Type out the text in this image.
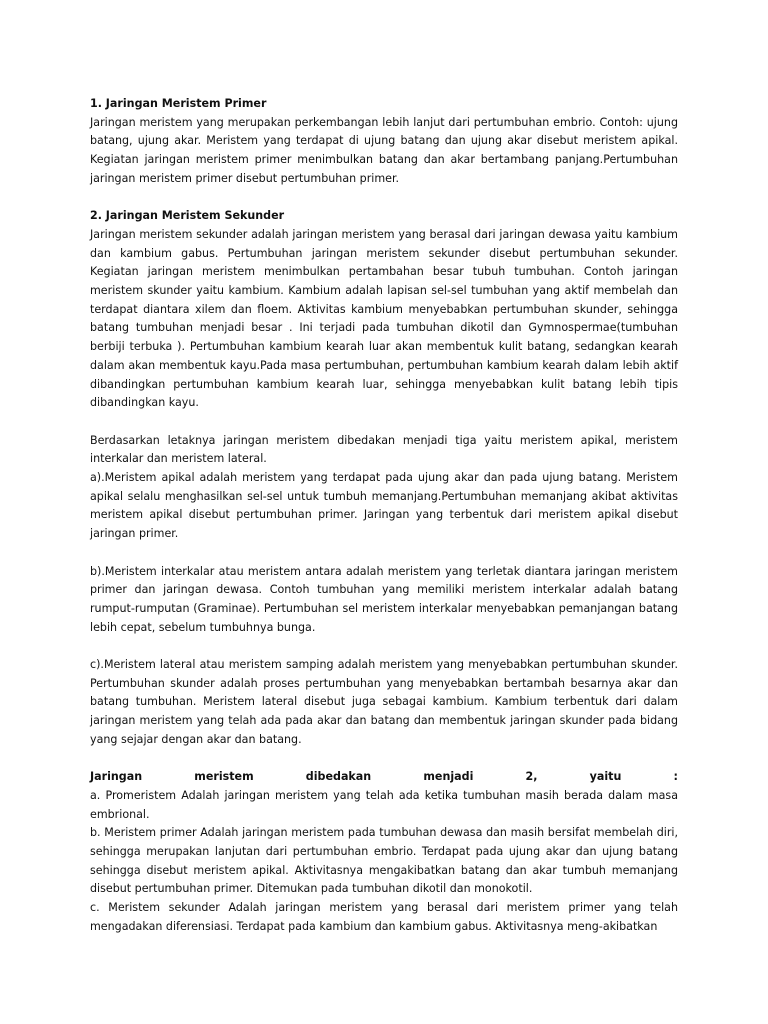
1. Jaringan Meristem Primer

Jaringan meristem yang merupakan perkembangan lebih lanjut dari pertumbuhan embrio. Contoh: ujung batang, ujung akar. Meristem yang terdapat di ujung batang dan ujung akar disebut meristem apikal. Kegiatan jaringan meristem primer menimbulkan batang dan akar bertambang panjang.Pertumbuhan jaringan meristem primer disebut pertumbuhan primer.

2. Jaringan Meristem Sekunder

Jaringan meristem sekunder adalah jaringan meristem yang berasal dari jaringan dewasa yaitu kambium dan kambium gabus. Pertumbuhan jaringan meristem sekunder disebut pertumbuhan sekunder. Kegiatan jaringan meristem menimbulkan pertambahan besar tubuh tumbuhan. Contoh jaringan meristem skunder yaitu kambium. Kambium adalah lapisan sel-sel tumbuhan yang aktif membelah dan terdapat diantara xilem dan floem. Aktivitas kambium menyebabkan pertumbuhan skunder, sehingga batang tumbuhan menjadi besar . Ini terjadi pada tumbuhan dikotil dan Gymnospermae(tumbuhan berbiji terbuka ). Pertumbuhan kambium kearah luar akan membentuk kulit batang, sedangkan kearah dalam akan membentuk kayu.Pada masa pertumbuhan, pertumbuhan kambium kearah dalam lebih aktif dibandingkan pertumbuhan kambium kearah luar, sehingga menyebabkan kulit batang lebih tipis dibandingkan kayu.

Berdasarkan letaknya jaringan meristem dibedakan menjadi tiga yaitu meristem apikal, meristem interkalar dan meristem lateral.

a).Meristem apikal adalah meristem yang terdapat pada ujung akar dan pada ujung batang. Meristem apikal selalu menghasilkan sel-sel untuk tumbuh memanjang.Pertumbuhan memanjang akibat aktivitas meristem apikal disebut pertumbuhan primer. Jaringan yang terbentuk dari meristem apikal disebut jaringan primer.

b).Meristem interkalar atau meristem antara adalah meristem yang terletak diantara jaringan meristem primer dan jaringan dewasa. Contoh tumbuhan yang memiliki meristem interkalar adalah batang rumput-rumputan (Graminae). Pertumbuhan sel meristem interkalar menyebabkan pemanjangan batang lebih cepat, sebelum tumbuhnya bunga.

c).Meristem lateral atau meristem samping adalah meristem yang menyebabkan pertumbuhan skunder. Pertumbuhan skunder adalah proses pertumbuhan yang menyebabkan bertambah besarnya akar dan batang tumbuhan. Meristem lateral disebut juga sebagai kambium. Kambium terbentuk dari dalam jaringan meristem yang telah ada pada akar dan batang dan membentuk jaringan skunder pada bidang yang sejajar dengan akar dan batang.

Jaringan	meristem	dibedakan	menjadi	2,	yaitu	:

a. Promeristem Adalah jaringan meristem yang telah ada ketika tumbuhan masih berada dalam masa embrional.

b. Meristem primer Adalah jaringan meristem pada tumbuhan dewasa dan masih bersifat membelah diri, sehingga merupakan lanjutan dari pertumbuhan embrio. Terdapat pada ujung akar dan ujung batang sehingga disebut meristem apikal. Aktivitasnya mengakibatkan batang dan akar tumbuh memanjang disebut pertumbuhan primer. Ditemukan pada tumbuhan dikotil dan monokotil.

c. Meristem sekunder Adalah jaringan meristem yang berasal dari meristem primer yang telah mengadakan diferensiasi. Terdapat pada kambium dan kambium gabus. Aktivitasnya meng-akibatkan
